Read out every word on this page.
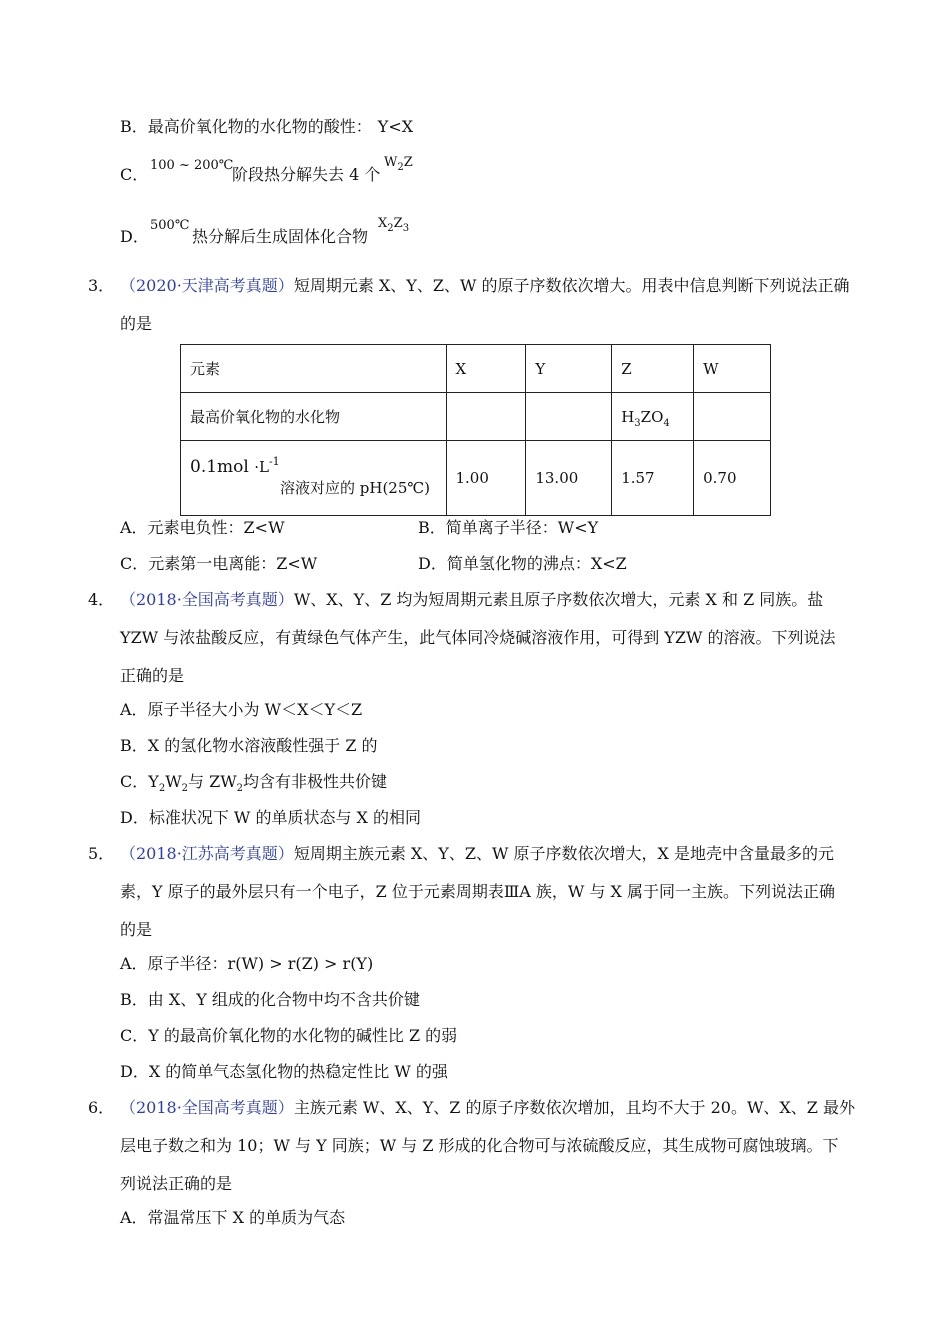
B．最高价氧化物的水化物的酸性： Y<X
C． 100 ~ 200℃
阶段热分解失去 4 个
$W_2Z$
D．
500℃
热分解后生成固体化合物
$X_2Z_3$
3． （2020·天津高考真题）短周期元素 X、Y、Z、W 的原子序数依次增大。用表中信息判断下列说法正确
的是
元素	X	Y	Z	W
最高价氧化物的水化物			$H_3ZO_4$	

$0.1mol \cdot L^{-1}$
溶液对应的 pH(25℃)	1.00	13.00	1.57	0.70
A．元素电负性：Z<W	B．简单离子半径：W<Y
C．元素第一电离能：Z<W	D．简单氢化物的沸点：X<Z
4． （2018·全国高考真题）W、X、Y、Z 均为短周期元素且原子序数依次增大，元素 X 和 Z 同族。盐
YZW 与浓盐酸反应，有黄绿色气体产生，此气体同冷烧碱溶液作用，可得到 YZW 的溶液。下列说法
正确的是
A．原子半径大小为 W＜X＜Y＜Z
B．X 的氢化物水溶液酸性强于 Z 的
C．$Y_2W_2$与 $ZW_2$均含有非极性共价键
D．标准状况下 W 的单质状态与 X 的相同
5． （2018·江苏高考真题）短周期主族元素 X、Y、Z、W 原子序数依次增大，X 是地壳中含量最多的元
素，Y 原子的最外层只有一个电子，Z 位于元素周期表ⅢA 族，W 与 X 属于同一主族。下列说法正确
的是
A．原子半径：r(W) > r(Z) > r(Y)
B．由 X、Y 组成的化合物中均不含共价键
C．Y 的最高价氧化物的水化物的碱性比 Z 的弱
D．X 的简单气态氢化物的热稳定性比 W 的强
6． （2018·全国高考真题）主族元素 W、X、Y、Z 的原子序数依次增加，且均不大于 20。W、X、Z 最外
层电子数之和为 10；W 与 Y 同族；W 与 Z 形成的化合物可与浓硫酸反应，其生成物可腐蚀玻璃。下
列说法正确的是
A．常温常压下 X 的单质为气态
